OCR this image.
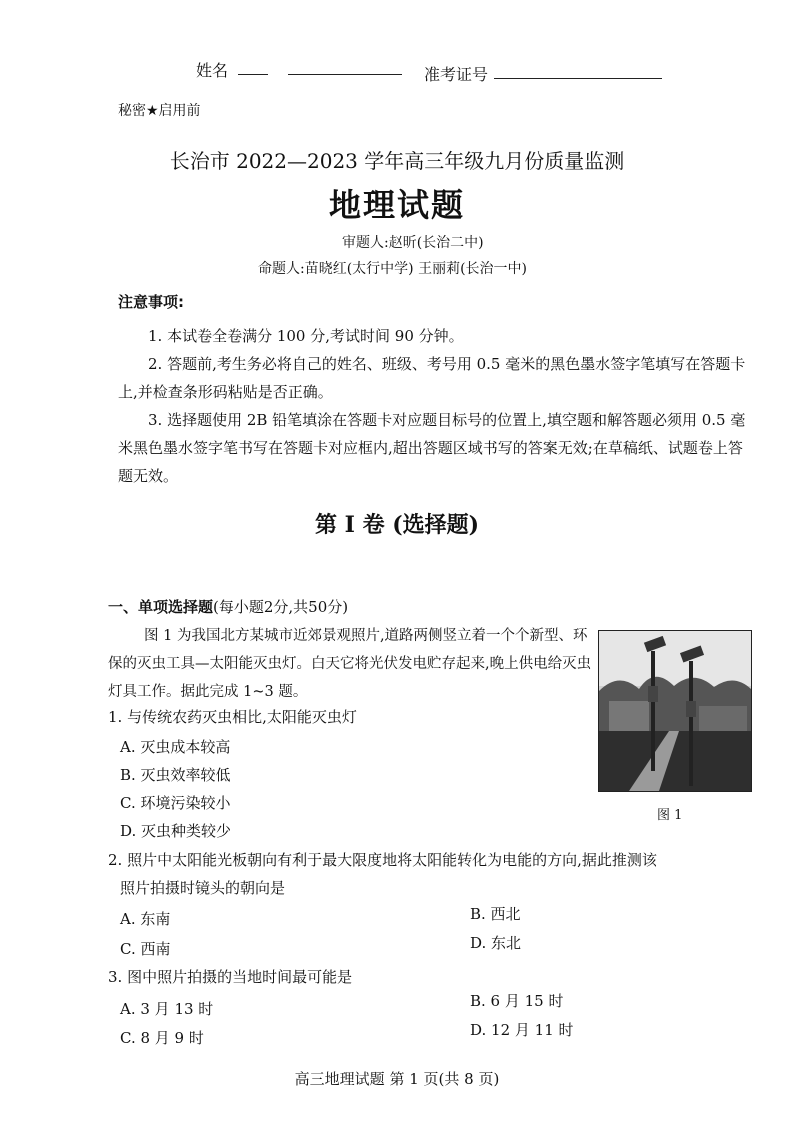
姓名	准考证号
秘密★启用前
长治市 2022—2023 学年高三年级九月份质量监测
地理试题
审题人:赵昕(长治二中)
命题人:苗晓红(太行中学) 王丽莉(长治一中)
注意事项:
1. 本试卷全卷满分 100 分,考试时间 90 分钟。
2. 答题前,考生务必将自己的姓名、班级、考号用 0.5 毫米的黑色墨水签字笔填写在答题卡上,并检查条形码粘贴是否正确。
3. 选择题使用 2B 铅笔填涂在答题卡对应题目标号的位置上,填空题和解答题必须用 0.5 毫米黑色墨水签字笔书写在答题卡对应框内,超出答题区域书写的答案无效;在草稿纸、试题卷上答题无效。
第 I 卷 (选择题)
一、单项选择题(每小题2分,共50分)
图 1 为我国北方某城市近郊景观照片,道路两侧竖立着一个个新型、环保的灭虫工具—太阳能灭虫灯。白天它将光伏发电贮存起来,晚上供电给灭虫灯具工作。据此完成 1~3 题。
图 1
1. 与传统农药灭虫相比,太阳能灭虫灯
A. 灭虫成本较高
B. 灭虫效率较低
C. 环境污染较小
D. 灭虫种类较少
2. 照片中太阳能光板朝向有利于最大限度地将太阳能转化为电能的方向,据此推测该
照片拍摄时镜头的朝向是
A. 东南	B. 西北
C. 西南	D. 东北
3. 图中照片拍摄的当地时间最可能是
A. 3 月 13 时	B. 6 月 15 时
C. 8 月 9 时	D. 12 月 11 时
高三地理试题 第 1 页(共 8 页)
